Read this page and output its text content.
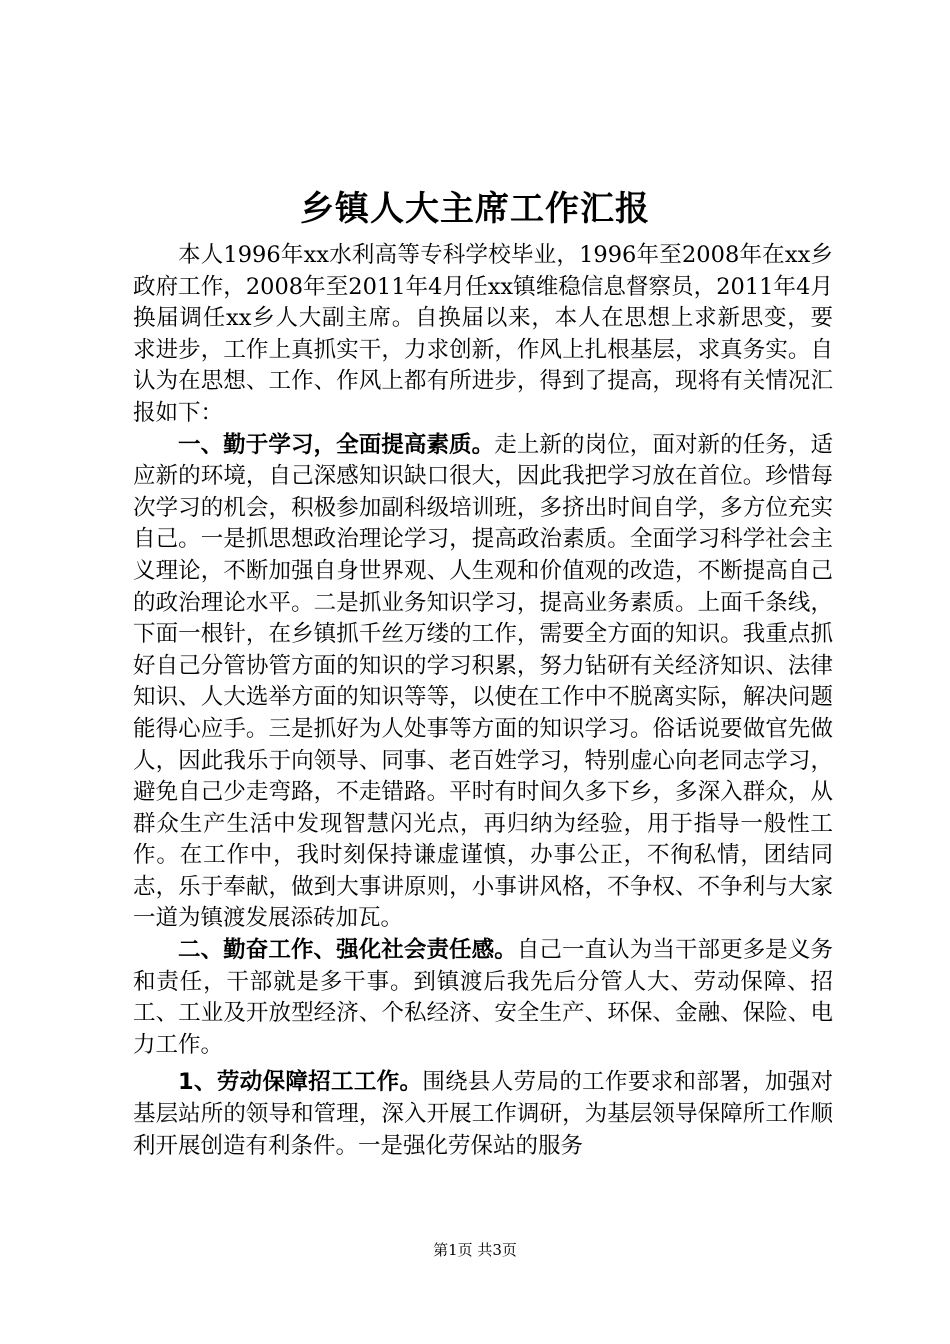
乡镇人大主席工作汇报

本人1996年xx水利高等专科学校毕业，1996年至2008年在xx乡政府工作，2008年至2011年4月任xx镇维稳信息督察员，2011年4月换届调任xx乡人大副主席。自换届以来，本人在思想上求新思变，要求进步，工作上真抓实干，力求创新，作风上扎根基层，求真务实。自认为在思想、工作、作风上都有所进步，得到了提高，现将有关情况汇报如下：

一、勤于学习，全面提高素质。走上新的岗位，面对新的任务，适应新的环境，自己深感知识缺口很大，因此我把学习放在首位。珍惜每次学习的机会，积极参加副科级培训班，多挤出时间自学，多方位充实自己。一是抓思想政治理论学习，提高政治素质。全面学习科学社会主义理论，不断加强自身世界观、人生观和价值观的改造，不断提高自己的政治理论水平。二是抓业务知识学习，提高业务素质。上面千条线，下面一根针，在乡镇抓千丝万缕的工作，需要全方面的知识。我重点抓好自己分管协管方面的知识的学习积累，努力钻研有关经济知识、法律知识、人大选举方面的知识等等，以使在工作中不脱离实际，解决问题能得心应手。三是抓好为人处事等方面的知识学习。俗话说要做官先做人，因此我乐于向领导、同事、老百姓学习，特别虚心向老同志学习，避免自己少走弯路，不走错路。平时有时间久多下乡，多深入群众，从群众生产生活中发现智慧闪光点，再归纳为经验，用于指导一般性工作。在工作中，我时刻保持谦虚谨慎，办事公正，不徇私情，团结同志，乐于奉献，做到大事讲原则，小事讲风格，不争权、不争利与大家一道为镇渡发展添砖加瓦。

二、勤奋工作、强化社会责任感。自己一直认为当干部更多是义务和责任，干部就是多干事。到镇渡后我先后分管人大、劳动保障、招工、工业及开放型经济、个私经济、安全生产、环保、金融、保险、电力工作。

1、劳动保障招工工作。围绕县人劳局的工作要求和部署，加强对基层站所的领导和管理，深入开展工作调研，为基层领导保障所工作顺利开展创造有利条件。一是强化劳保站的服务

第1页 共3页
